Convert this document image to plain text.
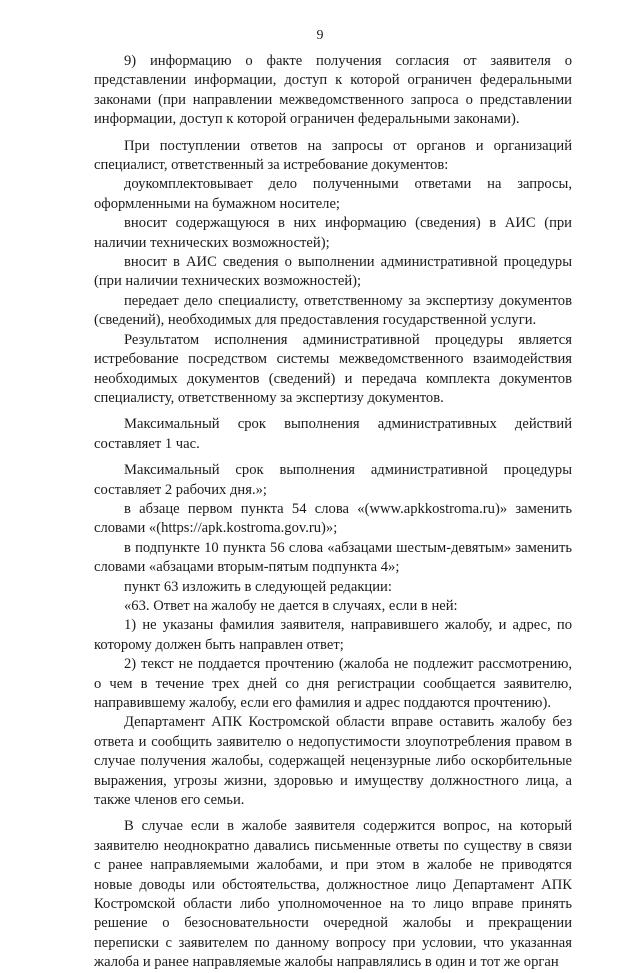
9

9) информацию о факте получения согласия от заявителя о представлении информации, доступ к которой ограничен федеральными законами (при направлении межведомственного запроса о представлении информации, доступ к которой ограничен федеральными законами).

При поступлении ответов на запросы от органов и организаций специалист, ответственный за истребование документов:

доукомплектовывает дело полученными ответами на запросы, оформленными на бумажном носителе;

вносит содержащуюся в них информацию (сведения) в АИС (при наличии технических возможностей);

вносит в АИС сведения о выполнении административной процедуры (при наличии технических возможностей);

передает дело специалисту, ответственному за экспертизу документов (сведений), необходимых для предоставления государственной услуги.

Результатом исполнения административной процедуры является истребование посредством системы межведомственного взаимодействия необходимых документов (сведений) и передача комплекта документов специалисту, ответственному за экспертизу документов.

Максимальный срок выполнения административных действий составляет 1 час.

Максимальный срок выполнения административной процедуры составляет 2 рабочих дня.»;

в абзаце первом пункта 54 слова «(www.apkkostroma.ru)» заменить словами «(https://apk.kostroma.gov.ru)»;

в подпункте 10 пункта 56 слова «абзацами шестым-девятым» заменить словами «абзацами вторым-пятым подпункта 4»;

пункт 63 изложить в следующей редакции:

«63. Ответ на жалобу не дается в случаях, если в ней:

1) не указаны фамилия заявителя, направившего жалобу, и адрес, по которому должен быть направлен ответ;

2) текст не поддается прочтению (жалоба не подлежит рассмотрению, о чем в течение трех дней со дня регистрации сообщается заявителю, направившему жалобу, если его фамилия и адрес поддаются прочтению).

Департамент АПК Костромской области вправе оставить жалобу без ответа и сообщить заявителю о недопустимости злоупотребления правом в случае получения жалобы, содержащей нецензурные либо оскорбительные выражения, угрозы жизни, здоровью и имуществу должностного лица, а также членов его семьи.

В случае если в жалобе заявителя содержится вопрос, на который заявителю неоднократно давались письменные ответы по существу в связи с ранее направляемыми жалобами, и при этом в жалобе не приводятся новые доводы или обстоятельства, должностное лицо Департамент АПК Костромской области либо уполномоченное на то лицо вправе принять решение о безосновательности очередной жалобы и прекращении переписки с заявителем по данному вопросу при условии, что указанная жалоба и ранее направляемые жалобы направлялись в один и тот же орган
